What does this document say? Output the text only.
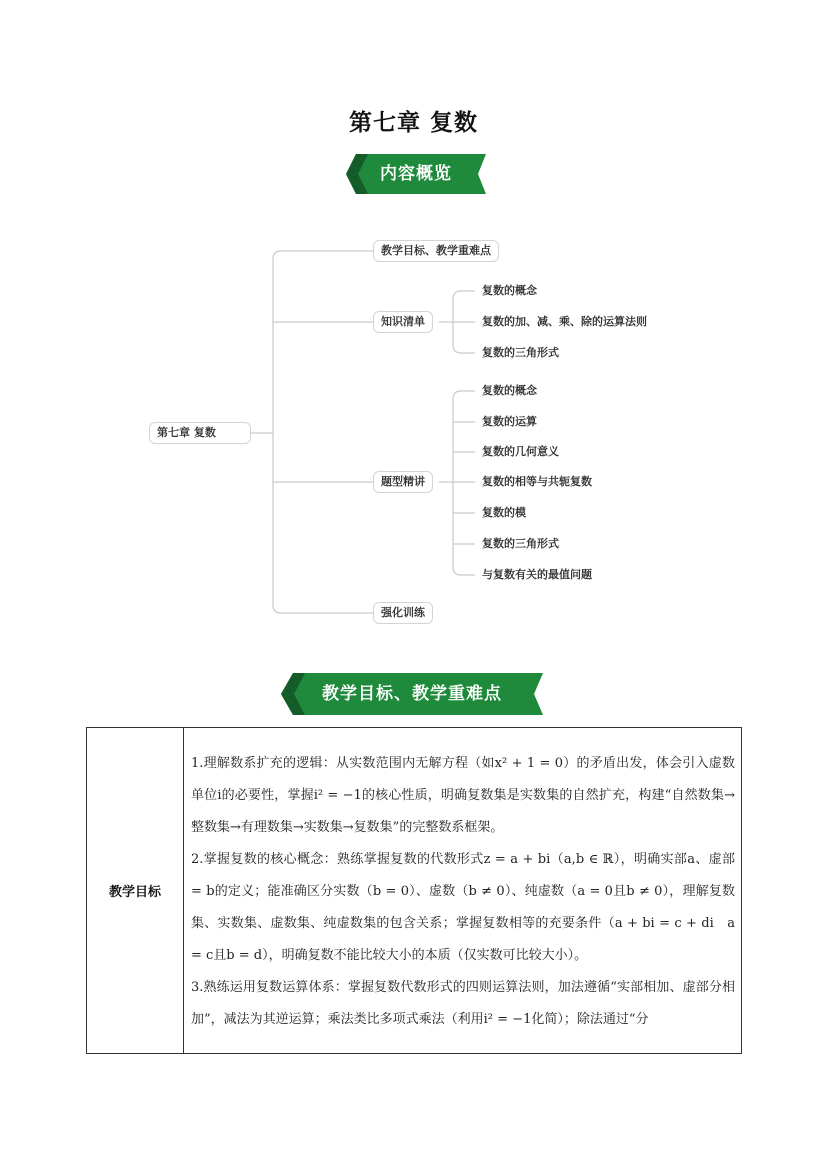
第七章 复数
内容概览
第七章 复数
教学目标、教学重难点
知识清单
题型精讲
强化训练
复数的概念
复数的加、减、乘、除的运算法则
复数的三角形式
复数的概念
复数的运算
复数的几何意义
复数的相等与共轭复数
复数的模
复数的三角形式
与复数有关的最值问题
教学目标、教学重难点
教学目标	

1.理解数系扩充的逻辑：从实数范围内无解方程（如x² + 1 = 0）的矛盾出发，体会引入虚数单位i的必要性，掌握i² = −1的核心性质，明确复数集是实数集的自然扩充，构建“自然数集→整数集→有理数集→实数集→复数集”的完整数系框架。

2.掌握复数的核心概念：熟练掌握复数的代数形式z = a + bi（a,b ∈ ℝ），明确实部a、虚部 = b的定义；能准确区分实数（b = 0）、虚数（b ≠ 0）、纯虚数（a = 0且b ≠ 0），理解复数集、实数集、虚数集、纯虚数集的包含关系；掌握复数相等的充要条件（a + bi = c + di　a = c且b = d），明确复数不能比较大小的本质（仅实数可比较大小）。

3.熟练运用复数运算体系：掌握复数代数形式的四则运算法则，加法遵循“实部相加、虚部分相加”，减法为其逆运算；乘法类比多项式乘法（利用i² = −1化简）；除法通过“分
